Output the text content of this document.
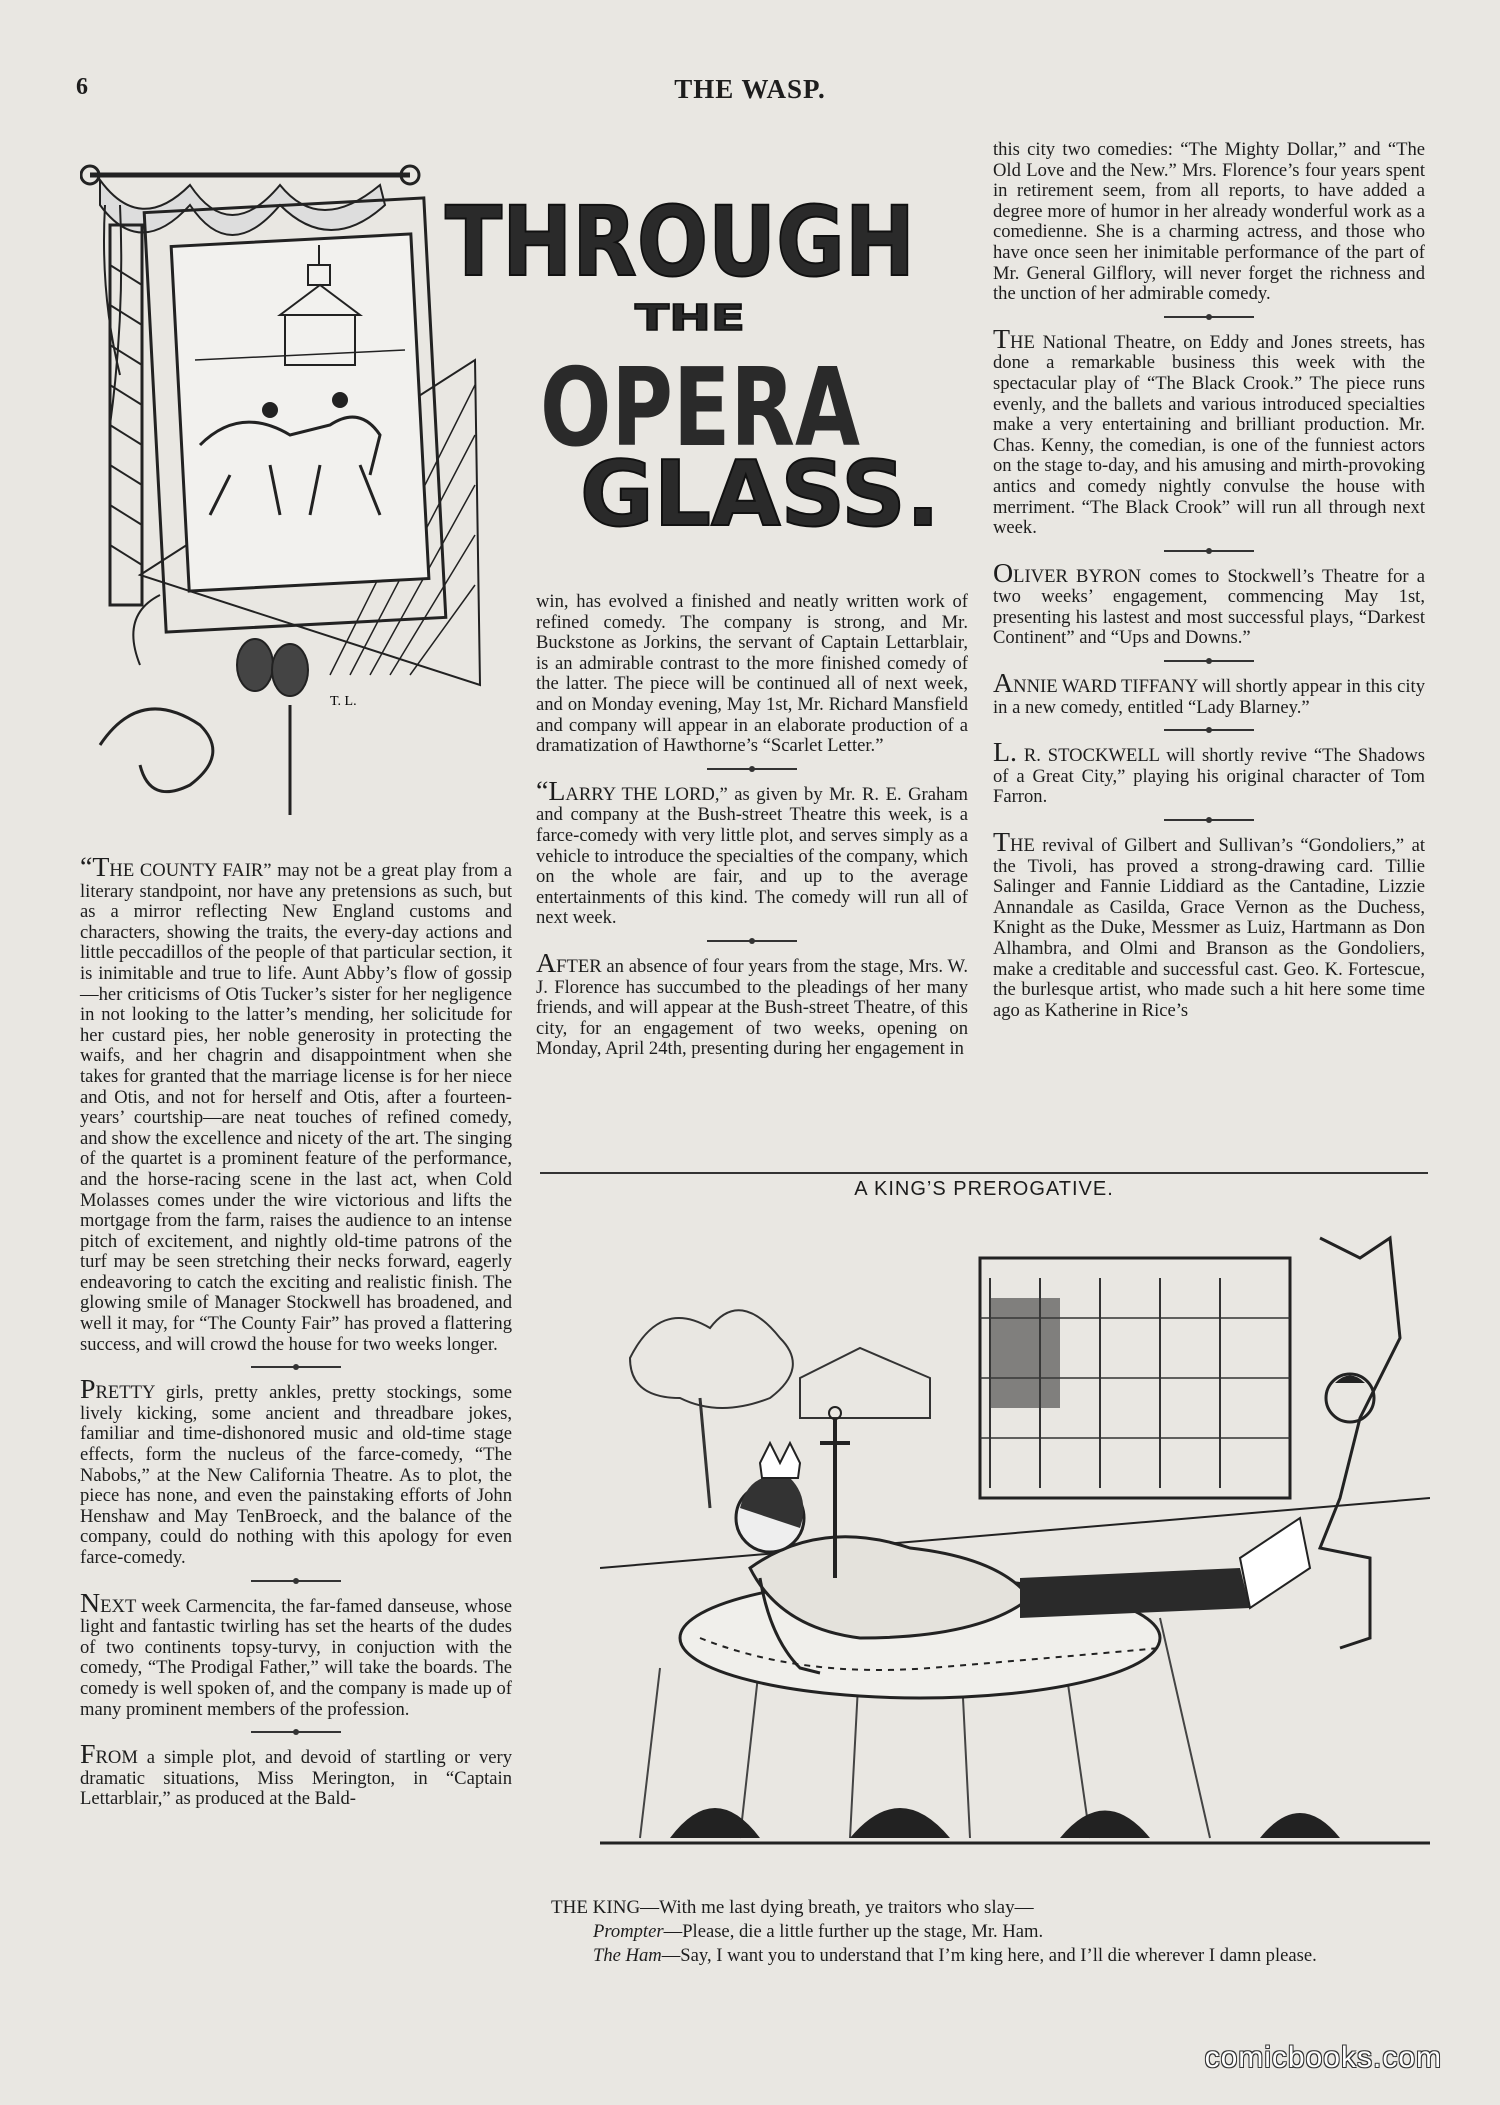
6	THE WASP.
T. L.
THROUGH
THE
OPERA
GLASS.

“THE COUNTY FAIR” may not be a great play from a literary standpoint, nor have any pretensions as such, but as a mirror reflecting New England customs and characters, showing the traits, the every-day actions and little peccadillos of the people of that particular section, it is inimitable and true to life. Aunt Abby’s flow of gossip—her criticisms of Otis Tucker’s sister for her negligence in not looking to the latter’s mending, her solicitude for her custard pies, her noble generosity in protecting the waifs, and her chagrin and disappointment when she takes for granted that the marriage license is for her niece and Otis, and not for herself and Otis, after a fourteen-years’ courtship—are neat touches of refined comedy, and show the excellence and nicety of the art. The singing of the quartet is a prominent feature of the performance, and the horse-racing scene in the last act, when Cold Molasses comes under the wire victorious and lifts the mortgage from the farm, raises the audience to an intense pitch of excitement, and nightly old-time patrons of the turf may be seen stretching their necks forward, eagerly endeavoring to catch the exciting and realistic finish. The glowing smile of Manager Stockwell has broadened, and well it may, for “The County Fair” has proved a flattering success, and will crowd the house for two weeks longer.

PRETTY girls, pretty ankles, pretty stockings, some lively kicking, some ancient and threadbare jokes, familiar and time-dishonored music and old-time stage effects, form the nucleus of the farce-comedy, “The Nabobs,” at the New California Theatre. As to plot, the piece has none, and even the painstaking efforts of John Henshaw and May TenBroeck, and the balance of the company, could do nothing with this apology for even farce-comedy.

NEXT week Carmencita, the far-famed danseuse, whose light and fantastic twirling has set the hearts of the dudes of two continents topsy-turvy, in conjuction with the comedy, “The Prodigal Father,” will take the boards. The comedy is well spoken of, and the company is made up of many prominent members of the profession.

FROM a simple plot, and devoid of startling or very dramatic situations, Miss Merington, in “Captain Lettarblair,” as produced at the Bald-

win, has evolved a finished and neatly written work of refined comedy. The company is strong, and Mr. Buckstone as Jorkins, the servant of Captain Lettarblair, is an admirable contrast to the more finished comedy of the latter. The piece will be continued all of next week, and on Monday evening, May 1st, Mr. Richard Mansfield and company will appear in an elaborate production of a dramatization of Hawthorne’s “Scarlet Letter.”

“LARRY THE LORD,” as given by Mr. R. E. Graham and company at the Bush-street Theatre this week, is a farce-comedy with very little plot, and serves simply as a vehicle to introduce the specialties of the company, which on the whole are fair, and up to the average entertainments of this kind. The comedy will run all of next week.

AFTER an absence of four years from the stage, Mrs. W. J. Florence has succumbed to the pleadings of her many friends, and will appear at the Bush-street Theatre, of this city, for an engagement of two weeks, opening on Monday, April 24th, presenting during her engagement in

this city two comedies: “The Mighty Dollar,” and “The Old Love and the New.” Mrs. Florence’s four years spent in retirement seem, from all reports, to have added a degree more of humor in her already wonderful work as a comedienne. She is a charming actress, and those who have once seen her inimitable performance of the part of Mr. General Gilflory, will never forget the richness and the unction of her admirable comedy.

THE National Theatre, on Eddy and Jones streets, has done a remarkable business this week with the spectacular play of “The Black Crook.” The piece runs evenly, and the ballets and various introduced specialties make a very entertaining and brilliant production. Mr. Chas. Kenny, the comedian, is one of the funniest actors on the stage to-day, and his amusing and mirth-provoking antics and comedy nightly convulse the house with merriment. “The Black Crook” will run all through next week.

OLIVER BYRON comes to Stockwell’s Theatre for a two weeks’ engagement, commencing May 1st, presenting his lastest and most successful plays, “Darkest Continent” and “Ups and Downs.”

ANNIE WARD TIFFANY will shortly appear in this city in a new comedy, entitled “Lady Blarney.”

L. R. STOCKWELL will shortly revive “The Shadows of a Great City,” playing his original character of Tom Farron.

THE revival of Gilbert and Sullivan’s “Gondoliers,” at the Tivoli, has proved a strong-drawing card. Tillie Salinger and Fannie Liddiard as the Cantadine, Lizzie Annandale as Casilda, Grace Vernon as the Duchess, Knight as the Duke, Messmer as Luiz, Hartmann as Don Alhambra, and Olmi and Branson as the Gondoliers, make a creditable and successful cast. Geo. K. Fortescue, the burlesque artist, who made such a hit here some time ago as Katherine in Rice’s

A KING’S PREROGATIVE.

THE KING—With me last dying breath, ye traitors who slay—

Prompter—Please, die a little further up the stage, Mr. Ham.

The Ham—Say, I want you to understand that I’m king here, and I’ll die wherever I damn please.

comicbooks.com
